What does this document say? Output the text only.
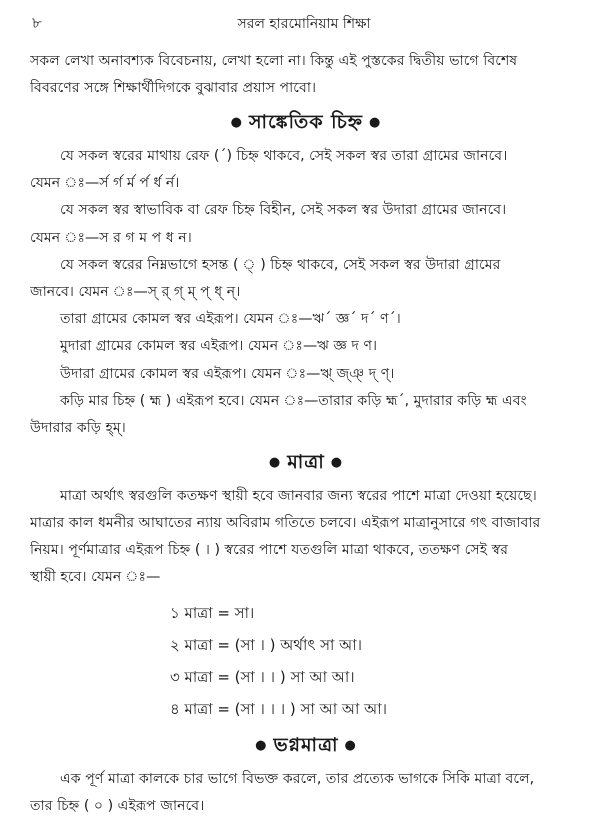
৮	সরল হারমোনিয়াম শিক্ষা
সকল লেখা অনাবশ্যক বিবেচনায়, লেখা হলো না। কিন্তু এই পুস্তকের দ্বিতীয় ভাগে বিশেষ
বিবরণের সঙ্গে শিক্ষার্থীদিগকে বুঝাবার প্রয়াস পাবো।
● সাঙ্কেতিক চিহ্ন ●
যে সকল স্বরের মাথায় রেফ (´) চিহ্ন থাকবে, সেই সকল স্বর তারা গ্রামের জানবে।
যেমন ঃ—র্স র্গ র্ম র্প র্ধ র্ন।
যে সকল স্বর স্বাভাবিক বা রেফ চিহ্ন বিহীন, সেই সকল স্বর উদারা গ্রামের জানবে।
যেমন ঃ—স র গ ম প ধ ন।
যে সকল স্বরের নিম্নভাগে হসন্ত ( ্ ) চিহ্ন থাকবে, সেই সকল স্বর উদারা গ্রামের
জানবে। যেমন ঃ—স্ র্ গ্ ম্ প্ ধ্ ন্।
তারা গ্রামের কোমল স্বর এইরূপ। যেমন ঃ—ঋ´ জ্ঞ´ দ´ ণ´।
মুদারা গ্রামের কোমল স্বর এইরূপ। যেমন ঃ—ঋ জ্ঞ দ ণ।
উদারা গ্রামের কোমল স্বর এইরূপ। যেমন ঃ—ঋ্ জ্ঞ্ দ্ ণ্।
কড়ি মার চিহ্ন ( হ্ম ) এইরূপ হবে। যেমন ঃ—তারার কড়ি হ্ম´, মুদারার কড়ি হ্ম এবং
উদারার কড়ি হ্ম্।
● মাত্রা ●
মাত্রা অর্থাৎ স্বরগুলি কতক্ষণ স্থায়ী হবে জানবার জন্য স্বরের পাশে মাত্রা দেওয়া হয়েছে।
মাত্রার কাল ধমনীর আঘাতের ন্যায় অবিরাম গতিতে চলবে। এইরূপ মাত্রানুসারে গৎ বাজাবার
নিয়ম। পূর্ণমাত্রার এইরূপ চিহ্ন ( । ) স্বরের পাশে যতগুলি মাত্রা থাকবে, ততক্ষণ সেই স্বর
স্থায়ী হবে। যেমন ঃ—
১ মাত্রা = সা।
২ মাত্রা = (সা । ) অর্থাৎ সা আ।
৩ মাত্রা = (সা । । ) সা আ আ।
৪ মাত্রা = (সা । । । ) সা আ আ আ।
● ভগ্নমাত্রা ●
এক পূর্ণ মাত্রা কালকে চার ভাগে বিভক্ত করলে, তার প্রত্যেক ভাগকে সিকি মাত্রা বলে,
তার চিহ্ন ( ০ ) এইরূপ জানবে।
